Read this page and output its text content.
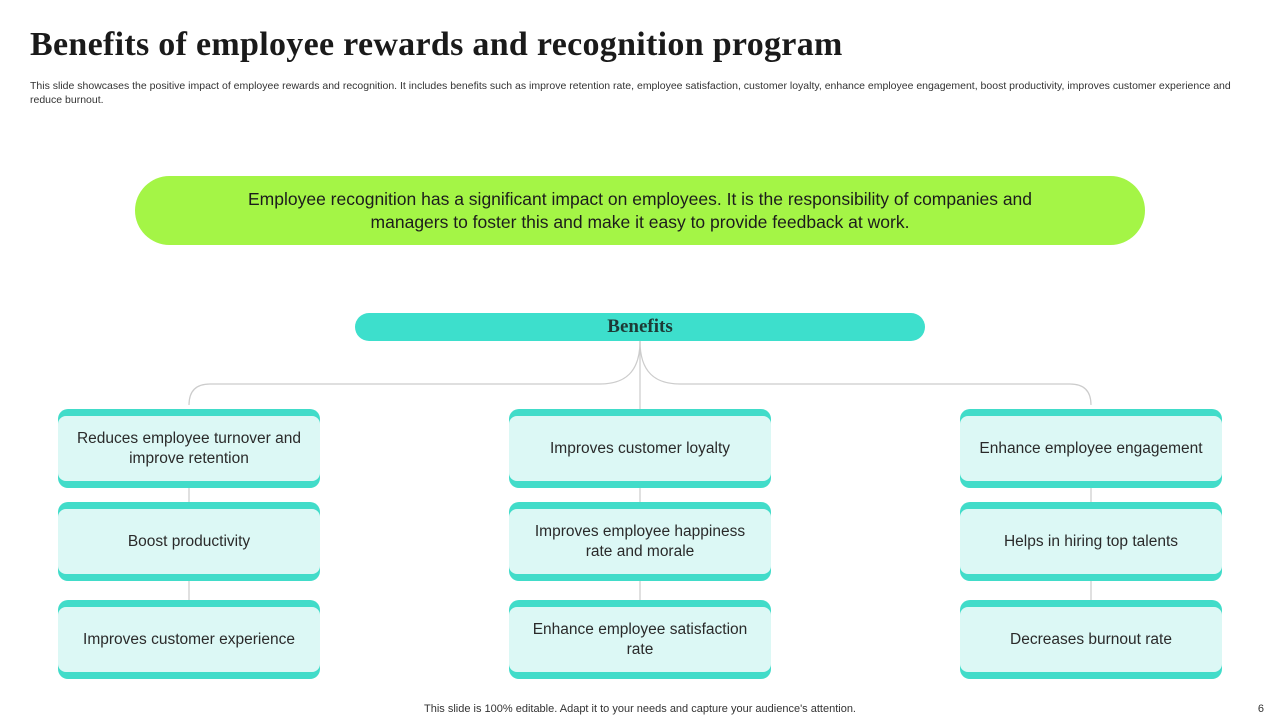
Benefits of employee rewards and recognition program
This slide showcases the positive impact of employee rewards and recognition. It includes benefits such as improve retention rate, employee satisfaction, customer loyalty, enhance employee engagement, boost productivity, improves customer experience and reduce burnout.
Employee recognition has a significant impact on employees. It is the responsibility of companies and managers to foster this and make it easy to provide feedback at work.
Benefits
Reduces employee turnover and improve retention
Boost productivity
Improves customer experience
Improves customer loyalty
Improves employee happiness rate and morale
Enhance employee satisfaction rate
Enhance employee engagement
Helps in hiring top talents
Decreases burnout rate
This slide is 100% editable. Adapt it to your needs and capture your audience's attention.	6
